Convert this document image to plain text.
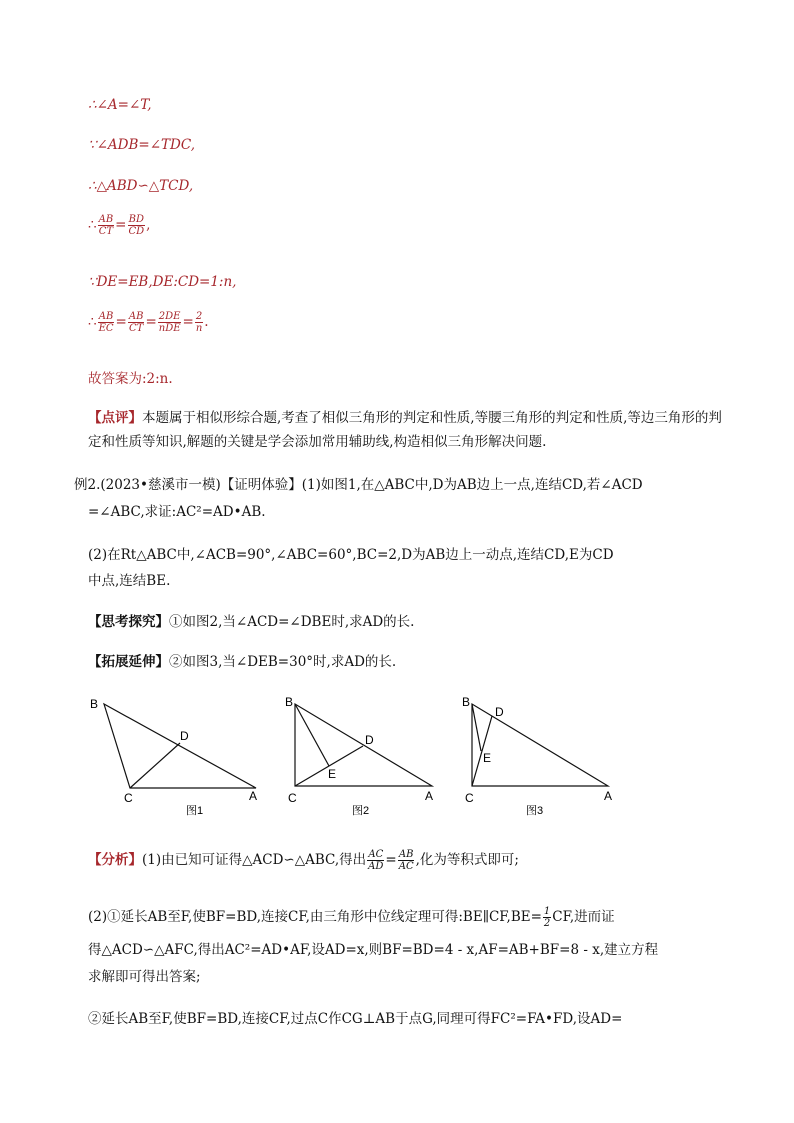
∴∠A=∠T,
∵∠ADB=∠TDC,
∴△ABD∽△TCD,
∴ $\frac{AB}{CT} = \frac{BD}{CD}$ ,
∵DE=EB,DE:CD=1:n,
∴ $\frac{AB}{EC} = \frac{AB}{CT} = \frac{2DE}{\text{nDE}} = \frac{2}{n}$ .
故答案为:2:n.
【点评】本题属于相似形综合题,考查了相似三角形的判定和性质,等腰三角形的判定和性质,等边三角形的判定和性质等知识,解题的关键是学会添加常用辅助线,构造相似三角形解决问题.
例2.(2023•慈溪市一模)【证明体验】(1)如图1,在△ABC中,D为AB边上一点,连结CD,若∠ACD
=∠ABC,求证:AC²=AD•AB.
(2)在Rt△ABC中,∠ACB=90°,∠ABC=60°,BC=2,D为AB边上一动点,连结CD,E为CD
中点,连结BE.
【思考探究】①如图2,当∠ACD=∠DBE时,求AD的长.
【拓展延伸】②如图3,当∠DEB=30°时,求AD的长.
B
C	A
D
图1
B
C	A
D
E
图2
B
C	A
D
E
图3
【分析】(1)由已知可证得△ACD∽△ABC,得出 $\frac{AC}{AD} = \frac{AB}{AC}$ ,化为等积式即可;
(2)①延长AB至F,使BF=BD,连接CF,由三角形中位线定理可得:BE∥CF,BE= $\frac{1}{2}$ CF,进而证
得△ACD∽△AFC,得出AC²=AD•AF,设AD=x,则BF=BD=4 - x,AF=AB+BF=8 - x,建立方程
求解即可得出答案;
②延长AB至F,使BF=BD,连接CF,过点C作CG⊥AB于点G,同理可得FC²=FA•FD,设AD=
